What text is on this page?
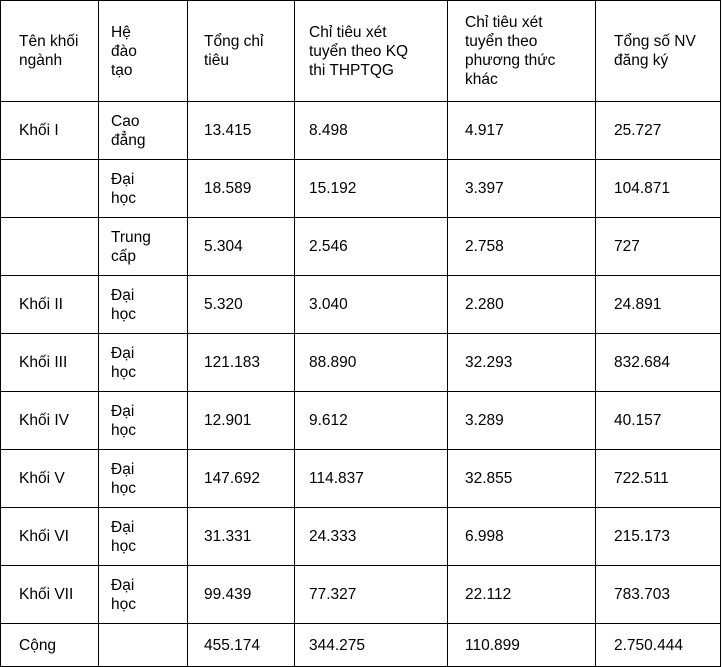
Tên khối ngành	Hệ đào tạo	Tổng chỉ tiêu	Chỉ tiêu xét tuyển theo KQ thi THPTQG	Chỉ tiêu xét tuyển theo phương thức khác	Tổng số NV đăng ký
Khối I	Cao đẳng	13.415	8.498	4.917	25.727
	Đại học	18.589	15.192	3.397	104.871
	Trung cấp	5.304	2.546	2.758	727
Khối II	Đại học	5.320	3.040	2.280	24.891
Khối III	Đại học	121.183	88.890	32.293	832.684
Khối IV	Đại học	12.901	9.612	3.289	40.157
Khối V	Đại học	147.692	114.837	32.855	722.511
Khối VI	Đại học	31.331	24.333	6.998	215.173
Khối VII	Đại học	99.439	77.327	22.112	783.703
Cộng		455.174	344.275	110.899	2.750.444
